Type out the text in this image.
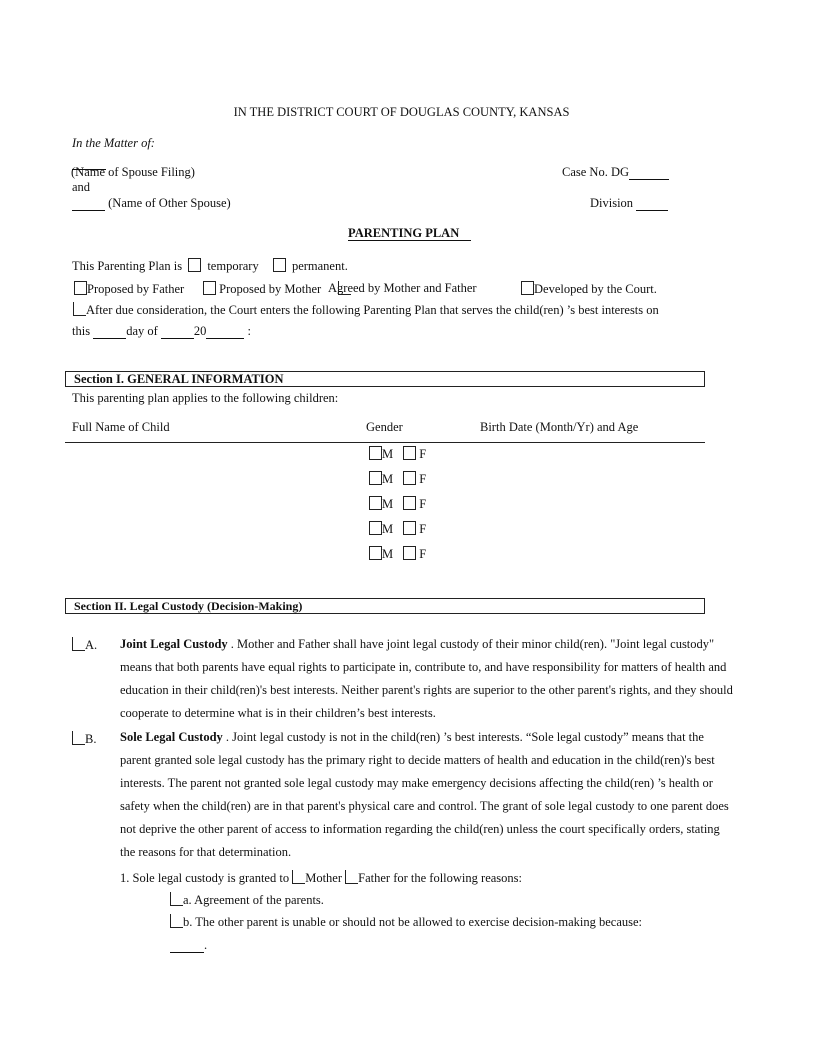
IN THE DISTRICT COURT OF DOUGLAS COUNTY, KANSAS
In the Matter of:
(Name of Spouse Filing)
and
(Name of Other Spouse)
Case No. DG
Division
PARENTING PLAN
This Parenting Plan is temporary	permanent.
Proposed by Father	Proposed by Mother Agreed by Mother and Father	Developed by the Court.
After due consideration, the Court enters the following Parenting Plan that serves the child(ren) ’s best interests on
this	day of	20	:
Section I. GENERAL INFORMATION
This parenting plan applies to the following children:
Full Name of Child	Gender	Birth Date (Month/Yr) and Age
M F
M F
M F
M F
M F
Section II. Legal Custody (Decision-Making)
A. Joint Legal Custody . Mother and Father shall have joint legal custody of their minor child(ren). "Joint legal custody" means that both parents have equal rights to participate in, contribute to, and have responsibility for matters of health and education in their child(ren)'s best interests. Neither parent's rights are superior to the other parent's rights, and they should cooperate to determine what is in their children’s best interests.
B. Sole Legal Custody . Joint legal custody is not in the child(ren) ’s best interests. “Sole legal custody” means that the parent granted sole legal custody has the primary right to decide matters of health and education in the child(ren)'s best interests. The parent not granted sole legal custody may make emergency decisions affecting the child(ren) ’s health or safety when the child(ren) are in that parent's physical care and control. The grant of sole legal custody to one parent does not deprive the other parent of access to information regarding the child(ren) unless the court specifically orders, stating the reasons for that determination.
1. Sole legal custody is granted to Mother Father for the following reasons:
a. Agreement of the parents.
b. The other parent is unable or should not be allowed to exercise decision-making because:
.
